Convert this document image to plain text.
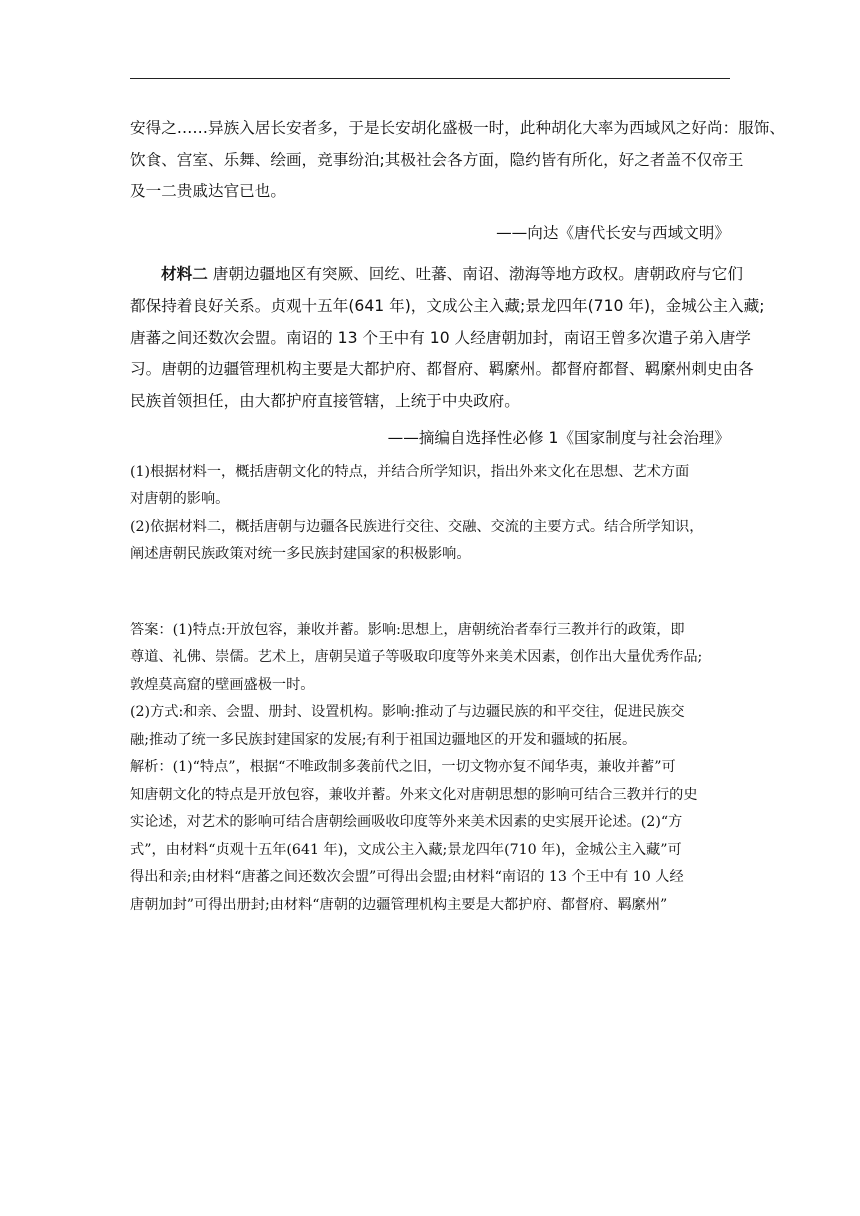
安得之……异族入居长安者多，于是长安胡化盛极一时，此种胡化大率为西域风之好尚：服饰、
饮食、宫室、乐舞、绘画，竞事纷泊;其极社会各方面，隐约皆有所化，好之者盖不仅帝王
及一二贵戚达官已也。

——向达《唐代长安与西域文明》

材料二 唐朝边疆地区有突厥、回纥、吐蕃、南诏、渤海等地方政权。唐朝政府与它们
都保持着良好关系。贞观十五年(641 年)，文成公主入藏;景龙四年(710 年)，金城公主入藏;
唐蕃之间还数次会盟。南诏的 13 个王中有 10 人经唐朝加封，南诏王曾多次遣子弟入唐学
习。唐朝的边疆管理机构主要是大都护府、都督府、羁縻州。都督府都督、羁縻州刺史由各
民族首领担任，由大都护府直接管辖，上统于中央政府。

——摘编自选择性必修 1《国家制度与社会治理》

(1)根据材料一，概括唐朝文化的特点，并结合所学知识，指出外来文化在思想、艺术方面
对唐朝的影响。

(2)依据材料二，概括唐朝与边疆各民族进行交往、交融、交流的主要方式。结合所学知识，
阐述唐朝民族政策对统一多民族封建国家的积极影响。

答案：(1)特点:开放包容，兼收并蓄。影响:思想上，唐朝统治者奉行三教并行的政策，即
尊道、礼佛、崇儒。艺术上，唐朝吴道子等吸取印度等外来美术因素，创作出大量优秀作品;
敦煌莫高窟的壁画盛极一时。

(2)方式:和亲、会盟、册封、设置机构。影响:推动了与边疆民族的和平交往，促进民族交
融;推动了统一多民族封建国家的发展;有利于祖国边疆地区的开发和疆域的拓展。

解析：(1)“特点”，根据“不唯政制多袭前代之旧，一切文物亦复不闻华夷，兼收并蓄”可
知唐朝文化的特点是开放包容，兼收并蓄。外来文化对唐朝思想的影响可结合三教并行的史
实论述，对艺术的影响可结合唐朝绘画吸收印度等外来美术因素的史实展开论述。(2)“方
式”，由材料“贞观十五年(641 年)，文成公主入藏;景龙四年(710 年)，金城公主入藏”可
得出和亲;由材料“唐蕃之间还数次会盟”可得出会盟;由材料“南诏的 13 个王中有 10 人经
唐朝加封”可得出册封;由材料“唐朝的边疆管理机构主要是大都护府、都督府、羁縻州”
